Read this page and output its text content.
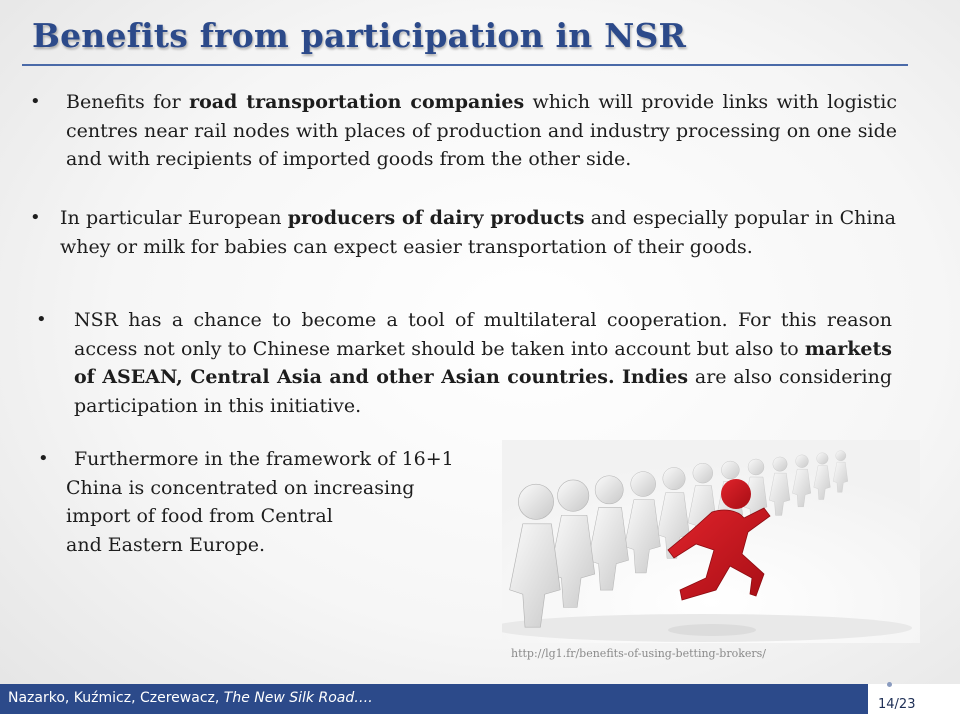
Benefits from participation in NSR
• Benefits for road transportation companies which will provide links with logistic centres near rail nodes with places of production and industry processing on one side and with recipients of imported goods from the other side.
• In particular European producers of dairy products and especially popular in China whey or milk for babies can expect easier transportation of their goods.
• NSR has a chance to become a tool of multilateral cooperation. For this reason access not only to Chinese market should be taken into account but also to markets of ASEAN, Central Asia and other Asian countries. Indies are also considering participation in this initiative.
•	Furthermore in the framework of 16+1
China is concentrated on increasing
import of food from Central
and Eastern Europe.
http://lg1.fr/benefits-of-using-betting-brokers/
Nazarko, Kuźmicz, Czerewacz, The New Silk Road….	14/23
